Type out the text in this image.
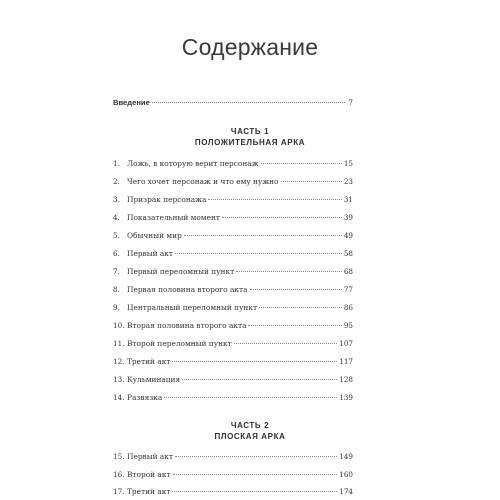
Содержание
Введение	7
ЧАСТЬ 1
ПОЛОЖИТЕЛЬНАЯ АРКА
1. Ложь, в которую верит персонаж	15
2. Чего хочет персонаж и что ему нужно	23
3. Призрак персонажа	31
4. Показательный момент	39
5. Обычный мир	49
6. Первый акт	58
7. Первый переломный пункт	68
8. Первая половина второго акта	77
9. Центральный переломный пункт	86
10. Вторая половина второго акта	95
11. Второй переломный пункт	107
12. Третий акт	117
13. Кульминация	128
14. Развязка	139
ЧАСТЬ 2
ПЛОСКАЯ АРКА
15. Первый акт	149
16. Второй акт	160
17. Третий акт	174
